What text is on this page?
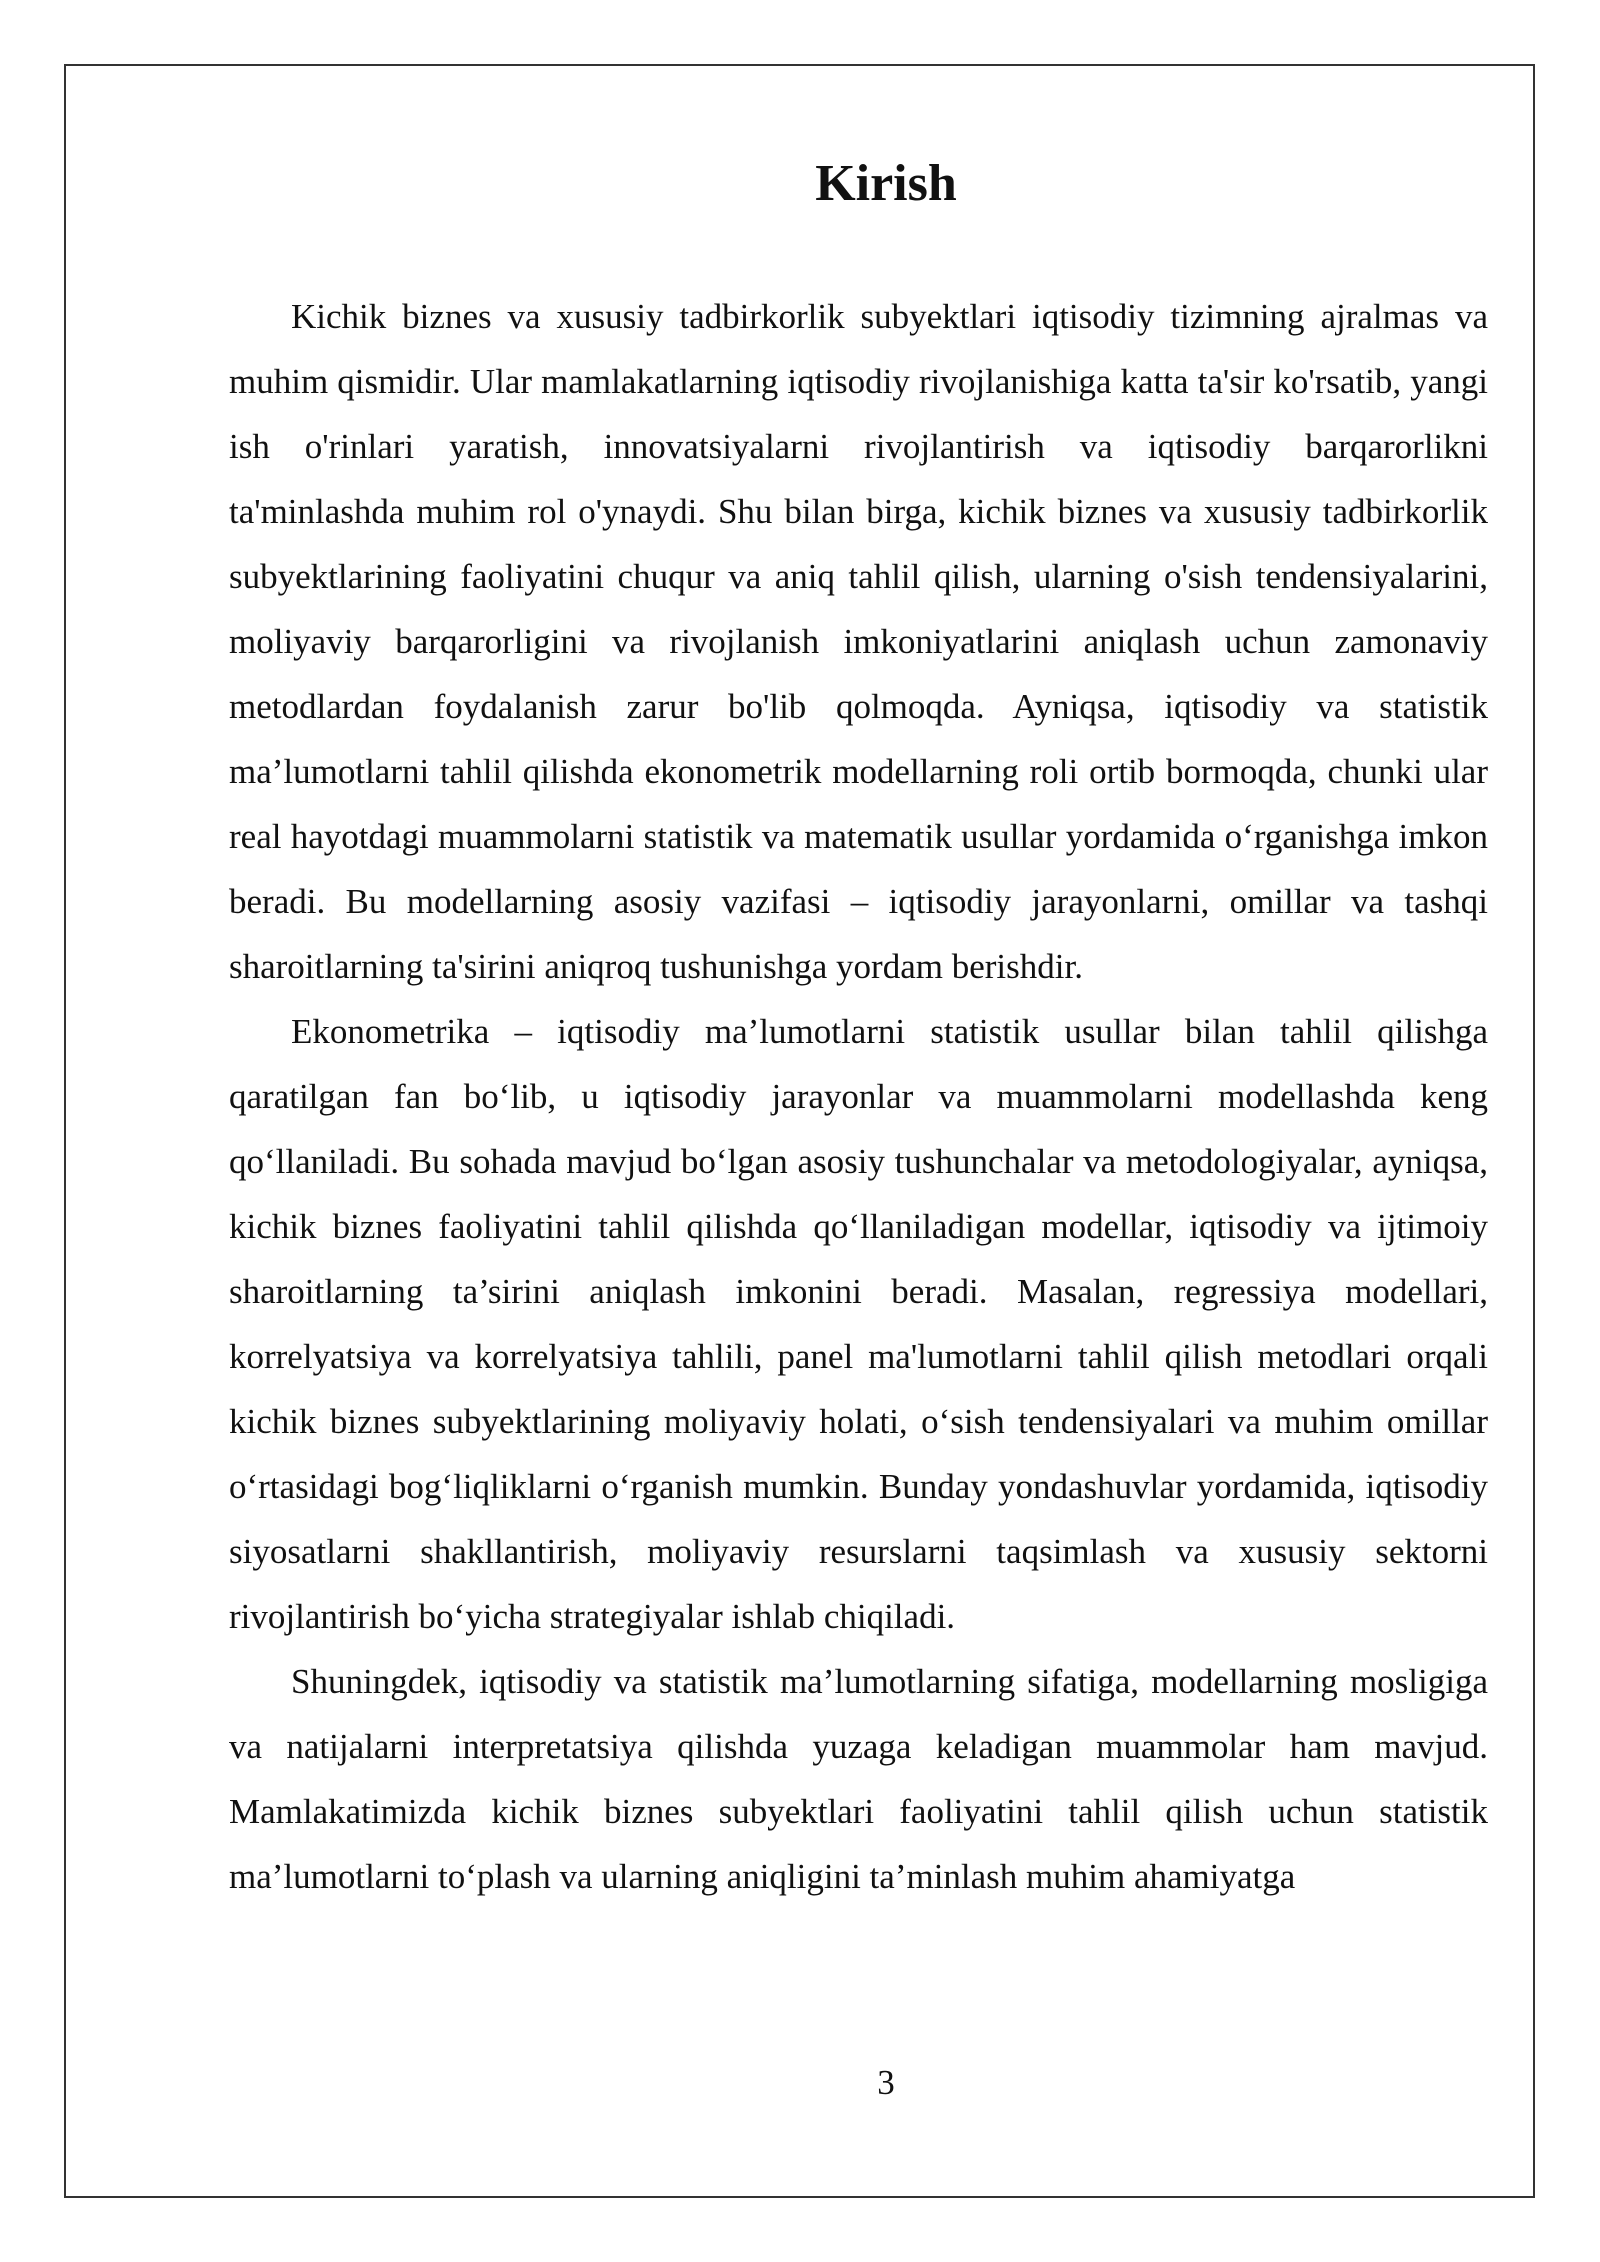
Kirish

Kichik biznes va xususiy tadbirkorlik subyektlari iqtisodiy tizimning ajralmas va muhim qismidir. Ular mamlakatlarning iqtisodiy rivojlanishiga katta ta'sir ko'rsatib, yangi ish o'rinlari yaratish, innovatsiyalarni rivojlantirish va iqtisodiy barqarorlikni ta'minlashda muhim rol o'ynaydi. Shu bilan birga, kichik biznes va xususiy tadbirkorlik subyektlarining faoliyatini chuqur va aniq tahlil qilish, ularning o'sish tendensiyalarini, moliyaviy barqarorligini va rivojlanish imkoniyatlarini aniqlash uchun zamonaviy metodlardan foydalanish zarur bo'lib qolmoqda. Ayniqsa, iqtisodiy va statistik ma’lumotlarni tahlil qilishda ekonometrik modellarning roli ortib bormoqda, chunki ular real hayotdagi muammolarni statistik va matematik usullar yordamida o‘rganishga imkon beradi. Bu modellarning asosiy vazifasi – iqtisodiy jarayonlarni, omillar va tashqi sharoitlarning ta'sirini aniqroq tushunishga yordam berishdir.

Ekonometrika – iqtisodiy ma’lumotlarni statistik usullar bilan tahlil qilishga qaratilgan fan bo‘lib, u iqtisodiy jarayonlar va muammolarni modellashda keng qo‘llaniladi. Bu sohada mavjud bo‘lgan asosiy tushunchalar va metodologiyalar, ayniqsa, kichik biznes faoliyatini tahlil qilishda qo‘llaniladigan modellar, iqtisodiy va ijtimoiy sharoitlarning ta’sirini aniqlash imkonini beradi. Masalan, regressiya modellari, korrelyatsiya va korrelyatsiya tahlili, panel ma'lumotlarni tahlil qilish metodlari orqali kichik biznes subyektlarining moliyaviy holati, o‘sish tendensiyalari va muhim omillar o‘rtasidagi bog‘liqliklarni o‘rganish mumkin. Bunday yondashuvlar yordamida, iqtisodiy siyosatlarni shakllantirish, moliyaviy resurslarni taqsimlash va xususiy sektorni rivojlantirish bo‘yicha strategiyalar ishlab chiqiladi.

Shuningdek, iqtisodiy va statistik ma’lumotlarning sifatiga, modellarning mosligiga va natijalarni interpretatsiya qilishda yuzaga keladigan muammolar ham mavjud. Mamlakatimizda kichik biznes subyektlari faoliyatini tahlil qilish uchun statistik ma’lumotlarni to‘plash va ularning aniqligini ta’minlash muhim ahamiyatga

3
